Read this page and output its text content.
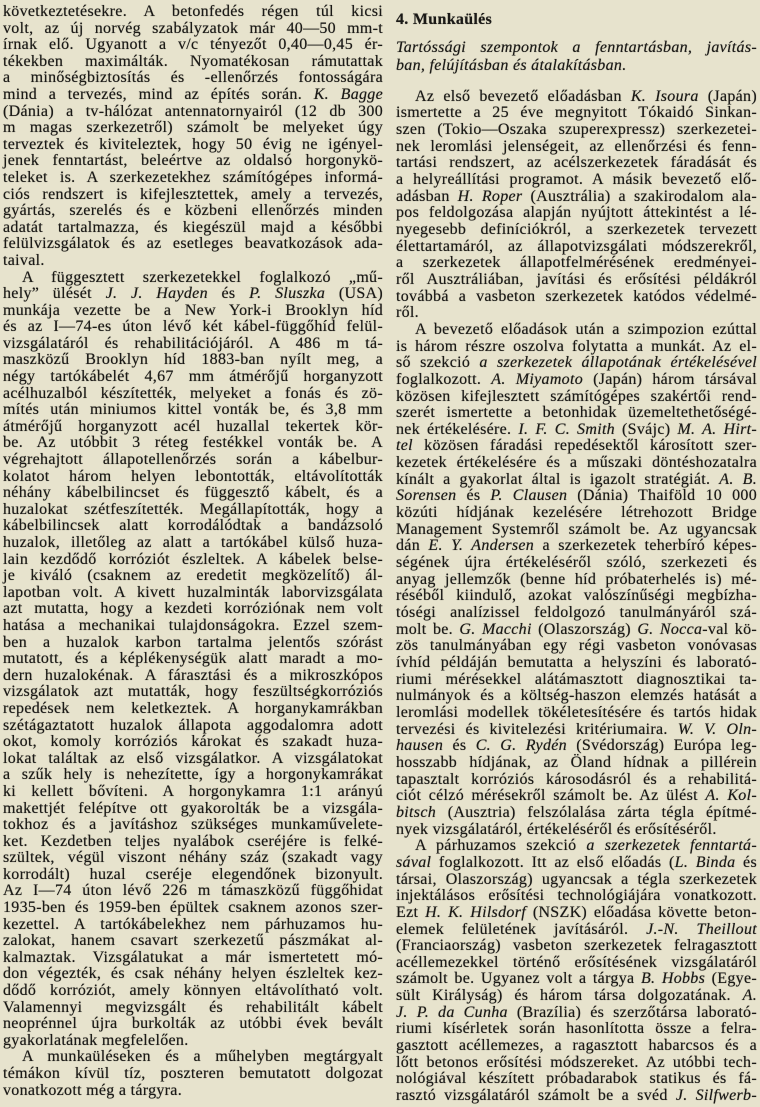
következtetésekre. A betonfedés régen túl kicsi
volt, az új norvég szabályzatok már 40—50 mm-t
írnak elő. Ugyanott a v/c tényezőt 0,40—0,45 ér-
tékekben maximálták. Nyomatékosan rámutattak
a minőségbiztosítás és -ellenőrzés fontosságára
mind a tervezés, mind az építés során. K. Bagge
(Dánia) a tv-hálózat antennatornyairól (12 db 300
m magas szerkezetről) számolt be melyeket úgy
terveztek és kiviteleztek, hogy 50 évig ne igényel-
jenek fenntartást, beleértve az oldalsó horgonykö-
teleket is. A szerkezetekhez számítógépes informá-
ciós rendszert is kifejlesztettek, amely a tervezés,
gyártás, szerelés és e közbeni ellenőrzés minden
adatát tartalmazza, és kiegészül majd a későbbi
felülvizsgálatok és az esetleges beavatkozások ada-
taival.
A függesztett szerkezetekkel foglalkozó „mű-
hely” ülését J. J. Hayden és P. Sluszka (USA)
munkája vezette be a New York-i Brooklyn híd
és az I—74-es úton lévő két kábel-függőhíd felül-
vizsgálatáról és rehabilitációjáról. A 486 m tá-
maszközű Brooklyn híd 1883-ban nyílt meg, a
négy tartókábelét 4,67 mm átmérőjű horganyzott
acélhuzalból készítették, melyeket a fonás és zö-
mítés után miniumos kittel vonták be, és 3,8 mm
átmérőjű horganyzott acél huzallal tekertek kör-
be. Az utóbbit 3 réteg festékkel vonták be. A
végrehajtott állapotellenőrzés során a kábelbur-
kolatot három helyen lebontották, eltávolították
néhány kábelbilincset és függesztő kábelt, és a
huzalokat szétfeszítették. Megállapították, hogy a
kábelbilincsek alatt korrodálódtak a bandázsoló
huzalok, illetőleg az alatt a tartókábel külső huza-
lain kezdődő korróziót észleltek. A kábelek belse-
je kiváló (csaknem az eredetit megközelítő) ál-
lapotban volt. A kivett huzalminták laborvizsgálata
azt mutatta, hogy a kezdeti korróziónak nem volt
hatása a mechanikai tulajdonságokra. Ezzel szem-
ben a huzalok karbon tartalma jelentős szórást
mutatott, és a képlékenységük alatt maradt a mo-
dern huzalokénak. A fárasztási és a mikroszkópos
vizsgálatok azt mutatták, hogy feszültségkorróziós
repedések nem keletkeztek. A horganykamrákban
szétágaztatott huzalok állapota aggodalomra adott
okot, komoly korróziós károkat és szakadt huza-
lokat találtak az első vizsgálatkor. A vizsgálatokat
a szűk hely is nehezítette, így a horgonykamrákat
ki kellett bővíteni. A horgonykamra 1:1 arányú
makettjét felépítve ott gyakorolták be a vizsgála-
tokhoz és a javításhoz szükséges munkaművelete-
ket. Kezdetben teljes nyalábok cseréjére is felké-
szültek, végül viszont néhány száz (szakadt vagy
korrodált) huzal cseréje elegendőnek bizonyult.
Az I—74 úton lévő 226 m támaszközű függőhidat
1935-ben és 1959-ben épültek csaknem azonos szer-
kezettel. A tartókábelekhez nem párhuzamos hu-
zalokat, hanem csavart szerkezetű pászmákat al-
kalmaztak. Vizsgálatukat a már ismertetett mó-
don végezték, és csak néhány helyen észleltek kez-
dődő korróziót, amely könnyen eltávolítható volt.
Valamennyi megvizsgált és rehabilitált kábelt
neoprénnel újra burkolták az utóbbi évek bevált
gyakorlatának megfelelően.
A munkaüléseken és a műhelyben megtárgyalt
témákon kívül tíz, poszteren bemutatott dolgozat
vonatkozott még a tárgyra.
4. Munkaülés
Tartóssági szempontok a fenntartásban, javítás-
ban, felújításban és átalakításban.
Az első bevezető előadásban K. Isoura (Japán)
ismertette a 25 éve megnyitott Tókaidó Sinkan-
szen (Tokio—Oszaka szuperexpressz) szerkezetei-
nek leromlási jelenségeit, az ellenőrzési és fenn-
tartási rendszert, az acélszerkezetek fáradását és
a helyreállítási programot. A másik bevezető elő-
adásban H. Roper (Ausztrália) a szakirodalom ala-
pos feldolgozása alapján nyújtott áttekintést a lé-
nyegesebb definíciókról, a szerkezetek tervezett
élettartamáról, az állapotvizsgálati módszerekről,
a szerkezetek állapotfelmérésének eredményei-
ről Ausztráliában, javítási és erősítési példákról
továbbá a vasbeton szerkezetek katódos védelmé-
ről.
A bevezető előadások után a szimpozion ezúttal
is három részre oszolva folytatta a munkát. Az el-
ső szekció a szerkezetek állapotának értékelésével
foglalkozott. A. Miyamoto (Japán) három társával
közösen kifejlesztett számítógépes szakértői rend-
szerét ismertette a betonhidak üzemeltethetőségé-
nek értékelésére. I. F. C. Smith (Svájc) M. A. Hirt-
tel közösen fáradási repedésektől károsított szer-
kezetek értékelésére és a műszaki döntéshozatalra
kínált a gyakorlat által is igazolt stratégiát. A. B.
Sorensen és P. Clausen (Dánia) Thaiföld 10 000
közúti hídjának kezelésére létrehozott Bridge
Management Systemről számolt be. Az ugyancsak
dán E. Y. Andersen a szerkezetek teherbíró képes-
ségének újra értékeléséről szóló, szerkezeti és
anyag jellemzők (benne híd próbaterhelés is) mé-
réséből kiindulő, azokat valószínűségi megbízha-
tóségi analízissel feldolgozó tanulmányáról szá-
molt be. G. Macchi (Olaszország) G. Nocca-val kö-
zös tanulmányában egy régi vasbeton vonóvasas
ívhíd példáján bemutatta a helyszíni és laborató-
riumi mérésekkel alátámasztott diagnosztikai ta-
nulmányok és a költség-haszon elemzés hatását a
leromlási modellek tökéletesítésére és tartós hidak
tervezési és kivitelezési kritériumaira. W. V. Oln-
hausen és C. G. Rydén (Svédország) Európa leg-
hosszabb hídjának, az Öland hídnak a pillérein
tapasztalt korróziós károsodásról és a rehabilitá-
ciót célzó mérésekről számolt be. Az ülést A. Kol-
bitsch (Ausztria) felszólalása zárta tégla építmé-
nyek vizsgálatáról, értékeléséről és erősítéséről.
A párhuzamos szekció a szerkezetek fenntartá-
sával foglalkozott. Itt az első előadás (L. Binda és
társai, Olaszország) ugyancsak a tégla szerkezetek
injektálásos erősítési technológiájára vonatkozott.
Ezt H. K. Hilsdorf (NSZK) előadása követte beton-
elemek felületének javításáról. J.-N. Theillout
(Franciaország) vasbeton szerkezetek felragasztott
acéllemezekkel történő erősítésének vizsgálatáról
számolt be. Ugyanez volt a tárgya B. Hobbs (Egye-
sült Királyság) és három társa dolgozatának. A.
J. P. da Cunha (Brazília) és szerzőtársa laborató-
riumi kísérletek során hasonlította össze a felra-
gasztott acéllemezes, a ragasztott habarcsos és a
lőtt betonos erősítési módszereket. Az utóbbi tech-
nológiával készített próbadarabok statikus és fá-
rasztó vizsgálatáról számolt be a svéd J. Silfwerb-
